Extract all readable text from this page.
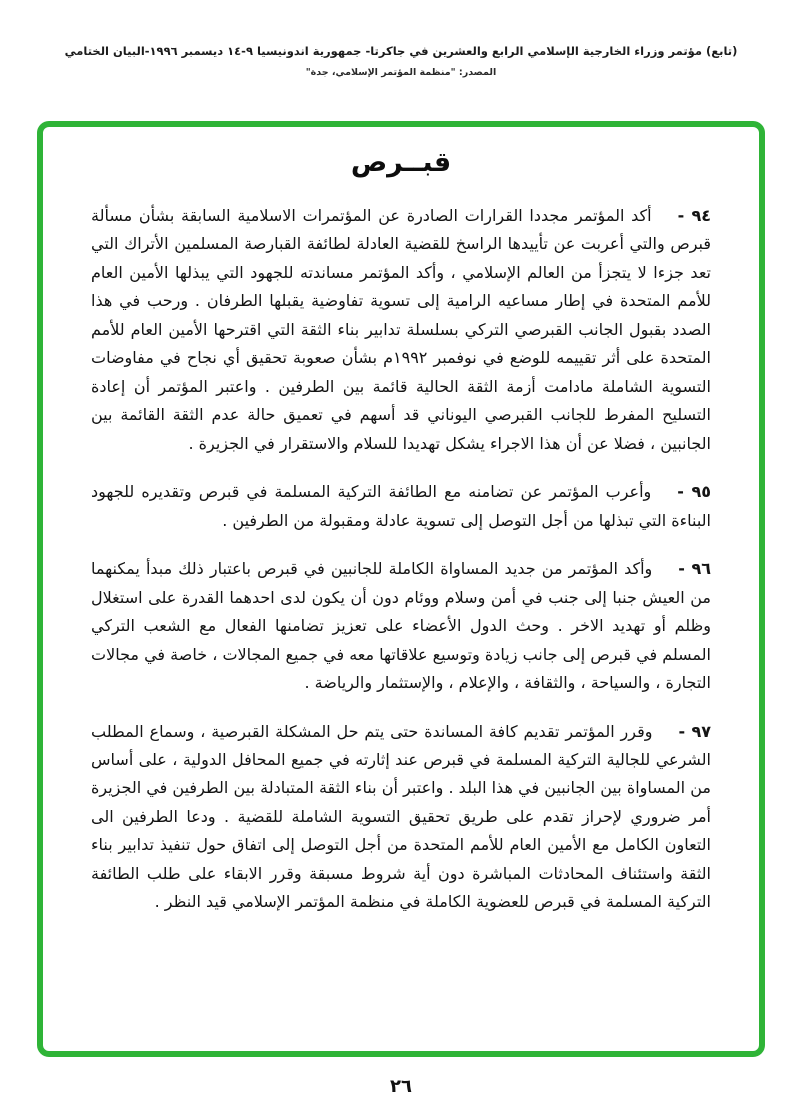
(تابع) مؤتمر وزراء الخارجية الإسلامي الرابع والعشرين في جاكرتا- جمهورية اندونيسيا ٩-١٤ ديسمبر ١٩٩٦-البيان الختامي
المصدر: "منظمة المؤتمر الإسلامي، جدة"
قبــرص

٩٤ -أكد المؤتمر مجددا القرارات الصادرة عن المؤتمرات الاسلامية السابقة بشأن مسألة قبرص والتي أعربت عن تأييدها الراسخ للقضية العادلة لطائفة القبارصة المسلمين الأتراك التي تعد جزءا لا يتجزأ من العالم الإسلامي ، وأكد المؤتمر مساندته للجهود التي يبذلها الأمين العام للأمم المتحدة في إطار مساعيه الرامية إلى تسوية تفاوضية يقبلها الطرفان . ورحب في هذا الصدد بقبول الجانب القبرصي التركي بسلسلة تدابير بناء الثقة التي اقترحها الأمين العام للأمم المتحدة على أثر تقييمه للوضع في نوفمبر ١٩٩٢م بشأن صعوبة تحقيق أي نجاح في مفاوضات التسوية الشاملة مادامت أزمة الثقة الحالية قائمة بين الطرفين . واعتبر المؤتمر أن إعادة التسليح المفرط للجانب القبرصي اليوناني قد أسهم في تعميق حالة عدم الثقة القائمة بين الجانبين ، فضلا عن أن هذا الاجراء يشكل تهديدا للسلام والاستقرار في الجزيرة .

٩٥ -وأعرب المؤتمر عن تضامنه مع الطائفة التركية المسلمة في قبرص وتقديره للجهود البناءة التي تبذلها من أجل التوصل إلى تسوية عادلة ومقبولة من الطرفين .

٩٦ -وأكد المؤتمر من جديد المساواة الكاملة للجانبين في قبرص باعتبار ذلك مبدأ يمكنهما من العيش جنبا إلى جنب في أمن وسلام ووئام دون أن يكون لدى احدهما القدرة على استغلال وظلم أو تهديد الاخر . وحث الدول الأعضاء على تعزيز تضامنها الفعال مع الشعب التركي المسلم في قبرص إلى جانب زيادة وتوسيع علاقاتها معه في جميع المجالات ، خاصة في مجالات التجارة ، والسياحة ، والثقافة ، والإعلام ، والإستثمار والرياضة .

٩٧ -وقرر المؤتمر تقديم كافة المساندة حتى يتم حل المشكلة القبرصية ، وسماع المطلب الشرعي للجالية التركية المسلمة في قبرص عند إثارته في جميع المحافل الدولية ، على أساس من المساواة بين الجانبين في هذا البلد . واعتبر أن بناء الثقة المتبادلة بين الطرفين في الجزيرة أمر ضروري لإحراز تقدم على طريق تحقيق التسوية الشاملة للقضية . ودعا الطرفين الى التعاون الكامل مع الأمين العام للأمم المتحدة من أجل التوصل إلى اتفاق حول تنفيذ تدابير بناء الثقة واستئناف المحادثات المباشرة دون أية شروط مسبقة وقرر الابقاء على طلب الطائفة التركية المسلمة في قبرص للعضوية الكاملة في منظمة المؤتمر الإسلامي قيد النظر .

٢٦
